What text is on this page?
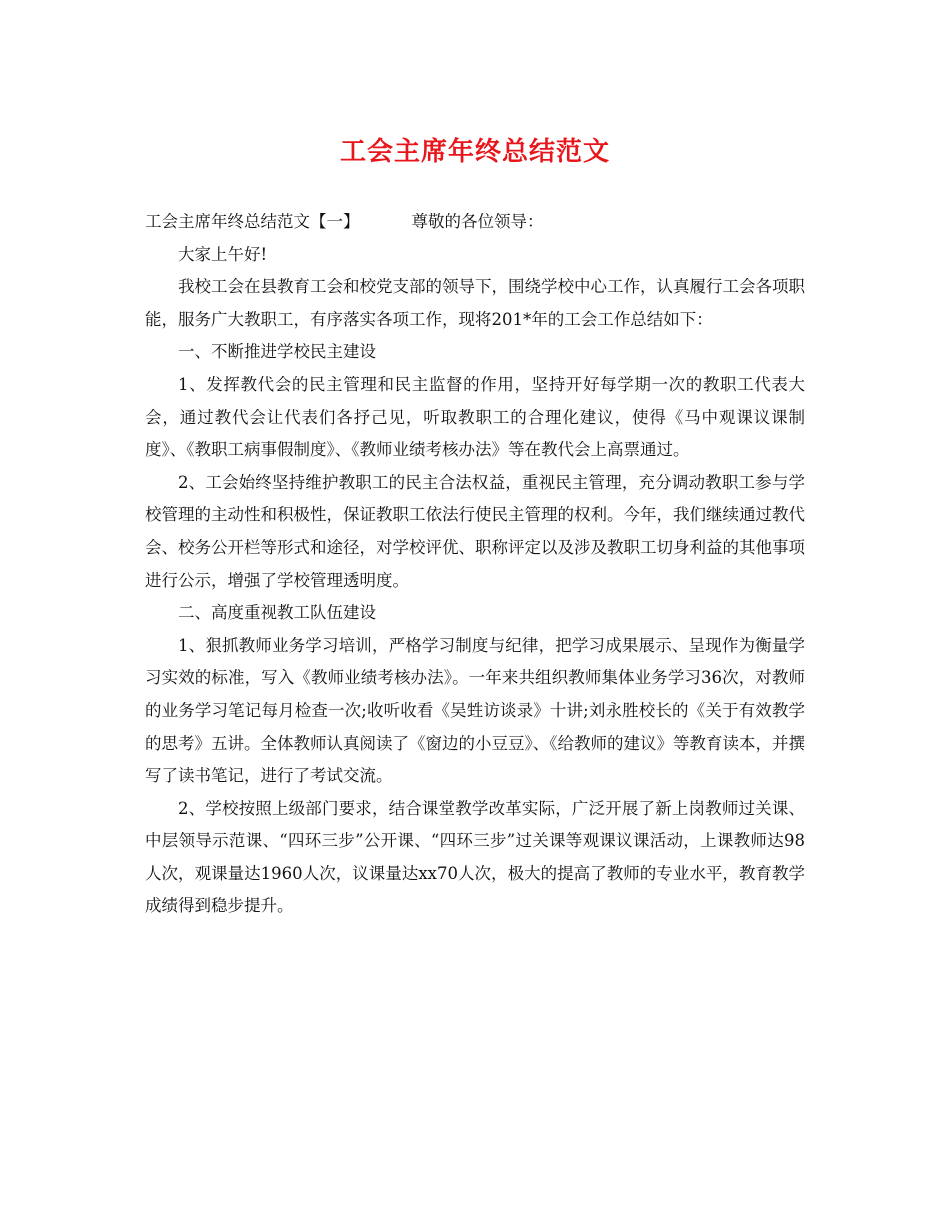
工会主席年终总结范文

工会主席年终总结范文【一】	尊敬的各位领导：

大家上午好!

我校工会在县教育工会和校党支部的领导下，围绕学校中心工作，认真履行工会各项职能，服务广大教职工，有序落实各项工作，现将201*年的工会工作总结如下：

一、不断推进学校民主建设

1、发挥教代会的民主管理和民主监督的作用，坚持开好每学期一次的教职工代表大会，通过教代会让代表们各抒己见，听取教职工的合理化建议，使得《马中观课议课制度》、《教职工病事假制度》、《教师业绩考核办法》等在教代会上高票通过。

2、工会始终坚持维护教职工的民主合法权益，重视民主管理，充分调动教职工参与学校管理的主动性和积极性，保证教职工依法行使民主管理的权利。今年，我们继续通过教代会、校务公开栏等形式和途径，对学校评优、职称评定以及涉及教职工切身利益的其他事项进行公示，增强了学校管理透明度。

二、高度重视教工队伍建设

1、狠抓教师业务学习培训，严格学习制度与纪律，把学习成果展示、呈现作为衡量学习实效的标准，写入《教师业绩考核办法》。一年来共组织教师集体业务学习36次，对教师的业务学习笔记每月检查一次;收听收看《吴甡访谈录》十讲;刘永胜校长的《关于有效教学的思考》五讲。全体教师认真阅读了《窗边的小豆豆》、《给教师的建议》等教育读本，并撰写了读书笔记，进行了考试交流。

2、学校按照上级部门要求，结合课堂教学改革实际，广泛开展了新上岗教师过关课、中层领导示范课、“四环三步”公开课、“四环三步”过关课等观课议课活动，上课教师达98人次，观课量达1960人次，议课量达xx70人次，极大的提高了教师的专业水平，教育教学成绩得到稳步提升。
